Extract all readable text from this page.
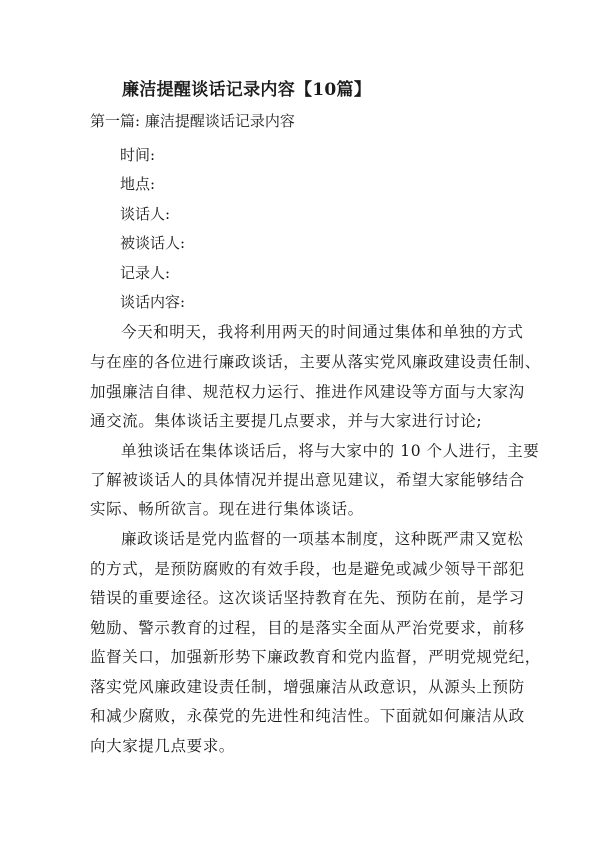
廉洁提醒谈话记录内容【10篇】

第一篇: 廉洁提醒谈话记录内容

时间:

地点:

谈话人:

被谈话人:

记录人:

谈话内容:

今天和明天，我将利用两天的时间通过集体和单独的方式

与在座的各位进行廉政谈话，主要从落实党风廉政建设责任制、

加强廉洁自律、规范权力运行、推进作风建设等方面与大家沟

通交流。集体谈话主要提几点要求，并与大家进行讨论;

单独谈话在集体谈话后，将与大家中的 10 个人进行，主要

了解被谈话人的具体情况并提出意见建议，希望大家能够结合

实际、畅所欲言。现在进行集体谈话。

廉政谈话是党内监督的一项基本制度，这种既严肃又宽松

的方式，是预防腐败的有效手段，也是避免或减少领导干部犯

错误的重要途径。这次谈话坚持教育在先、预防在前，是学习

勉励、警示教育的过程，目的是落实全面从严治党要求，前移

监督关口，加强新形势下廉政教育和党内监督，严明党规党纪，

落实党风廉政建设责任制，增强廉洁从政意识，从源头上预防

和减少腐败，永葆党的先进性和纯洁性。下面就如何廉洁从政

向大家提几点要求。
